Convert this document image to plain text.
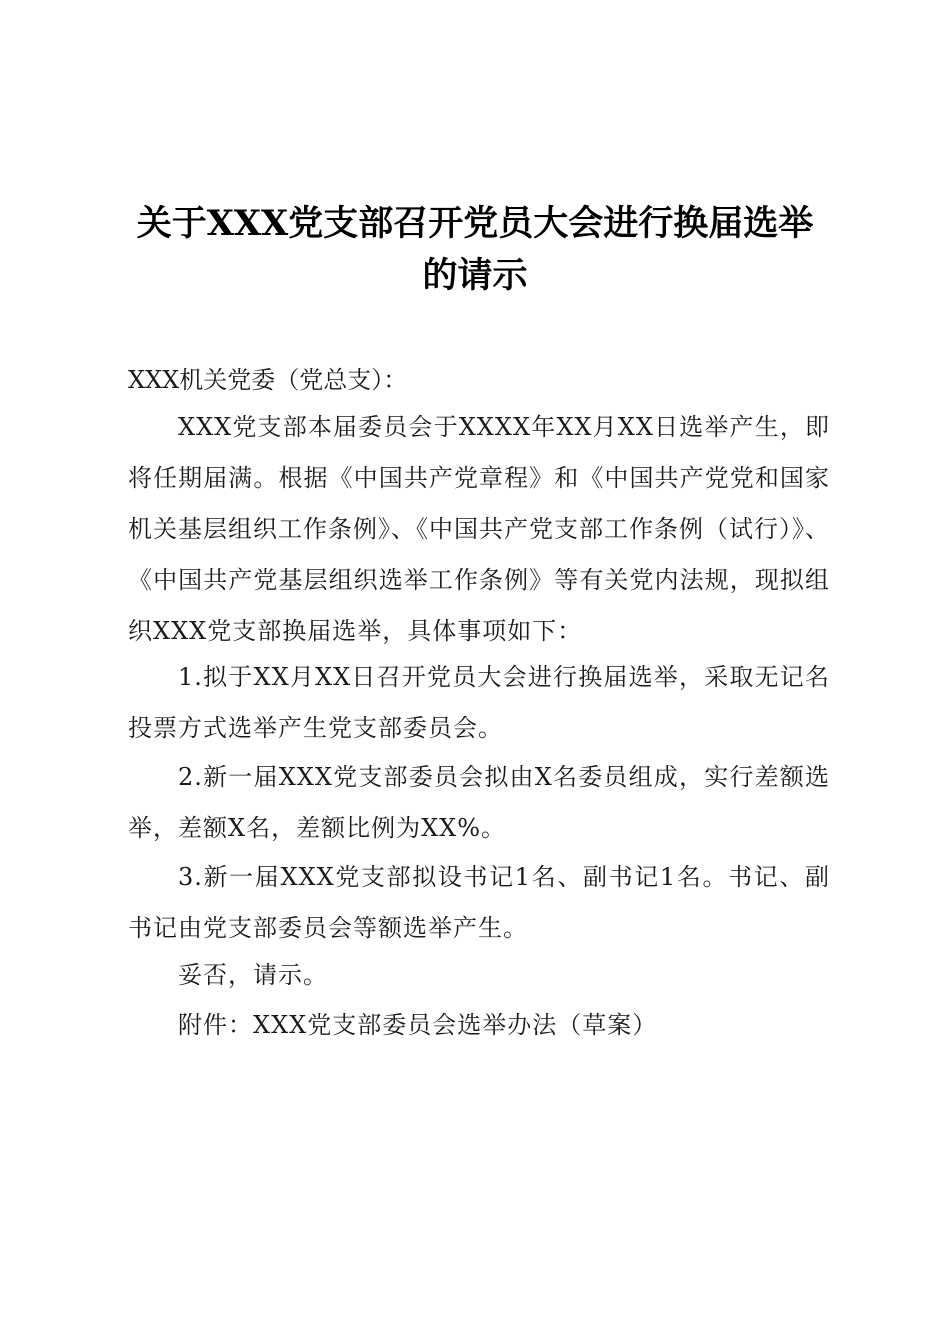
关于XXX党支部召开党员大会进行换届选举
的请示
XXX机关党委（党总支）：

XXX党支部本届委员会于XXXX年XX月XX日选举产生，即将任期届满。根据《中国共产党章程》和《中国共产党党和国家机关基层组织工作条例》、《中国共产党支部工作条例（试行）》、《中国共产党基层组织选举工作条例》等有关党内法规，现拟组织XXX党支部换届选举，具体事项如下：

1.拟于XX月XX日召开党员大会进行换届选举，采取无记名投票方式选举产生党支部委员会。

2.新一届XXX党支部委员会拟由X名委员组成，实行差额选举，差额X名，差额比例为XX%。

3.新一届XXX党支部拟设书记1名、副书记1名。书记、副书记由党支部委员会等额选举产生。

妥否，请示。

附件：XXX党支部委员会选举办法（草案）
